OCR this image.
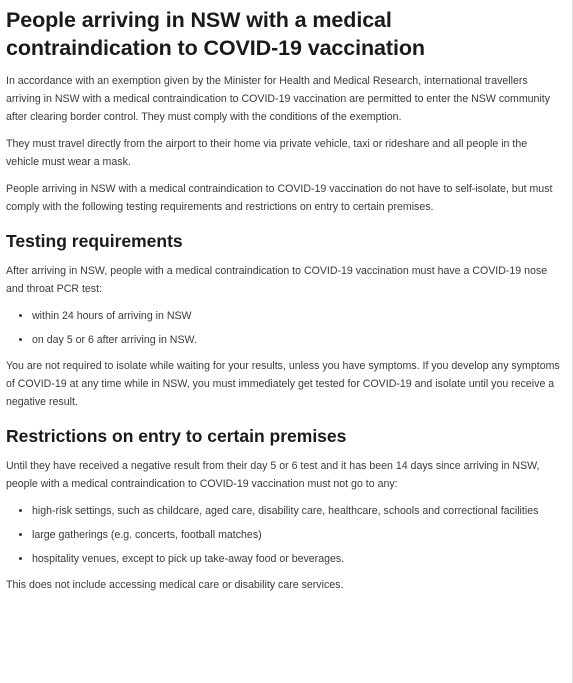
People arriving in NSW with a medical contraindication to COVID-19 vaccination

In accordance with an exemption given by the Minister for Health and Medical Research, international travellers arriving in NSW with a medical contraindication to COVID-19 vaccination are permitted to enter the NSW community after clearing border control. They must comply with the conditions of the exemption.

They must travel directly from the airport to their home via private vehicle, taxi or rideshare and all people in the vehicle must wear a mask.

People arriving in NSW with a medical contraindication to COVID-19 vaccination do not have to self-isolate, but must comply with the following testing requirements and restrictions on entry to certain premises.

Testing requirements

After arriving in NSW, people with a medical contraindication to COVID-19 vaccination must have a COVID-19 nose and throat PCR test:

• within 24 hours of arriving in NSW
• on day 5 or 6 after arriving in NSW.

You are not required to isolate while waiting for your results, unless you have symptoms. If you develop any symptoms of COVID-19 at any time while in NSW, you must immediately get tested for COVID-19 and isolate until you receive a negative result.

Restrictions on entry to certain premises

Until they have received a negative result from their day 5 or 6 test and it has been 14 days since arriving in NSW, people with a medical contraindication to COVID-19 vaccination must not go to any:

• high-risk settings, such as childcare, aged care, disability care, healthcare, schools and correctional facilities
• large gatherings (e.g. concerts, football matches)
• hospitality venues, except to pick up take-away food or beverages.

This does not include accessing medical care or disability care services.
